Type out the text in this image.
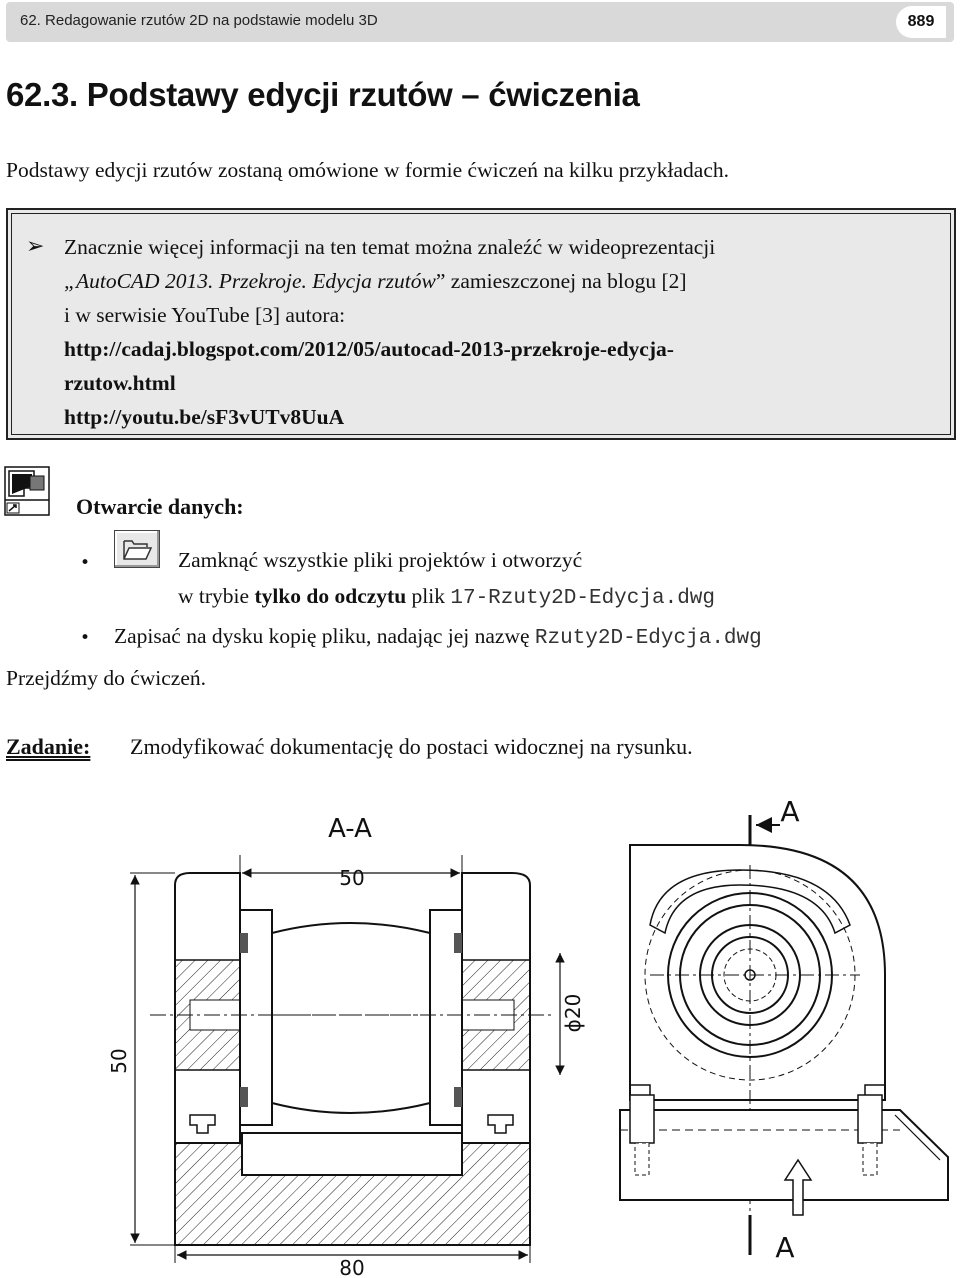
62. Redagowanie rzutów 2D na podstawie modelu 3D	889
62.3. Podstawy edycji rzutów – ćwiczenia
Podstawy edycji rzutów zostaną omówione w formie ćwiczeń na kilku przykładach.
➢ Znacznie więcej informacji na ten temat można znaleźć w wideoprezentacji
„AutoCAD 2013. Przekroje. Edycja rzutów” zamieszczonej na blogu [2]
i w serwisie YouTube [3] autora:
http://cadaj.blogspot.com/2012/05/autocad-2013-przekroje-edycja-
rzutow.html
http://youtu.be/sF3vUTv8UuA
Otwarcie danych:
•	Zamknąć wszystkie pliki projektów i otworzyć
w trybie tylko do odczytu plik 17-Rzuty2D-Edycja.dwg
• Zapisać na dysku kopię pliku, nadając jej nazwę Rzuty2D-Edycja.dwg
Przejdźmy do ćwiczeń.
Zadanie: Zmodyfikować dokumentację do postaci widocznej na rysunku.
A-A
50
ϕ20
50
80
A
A
